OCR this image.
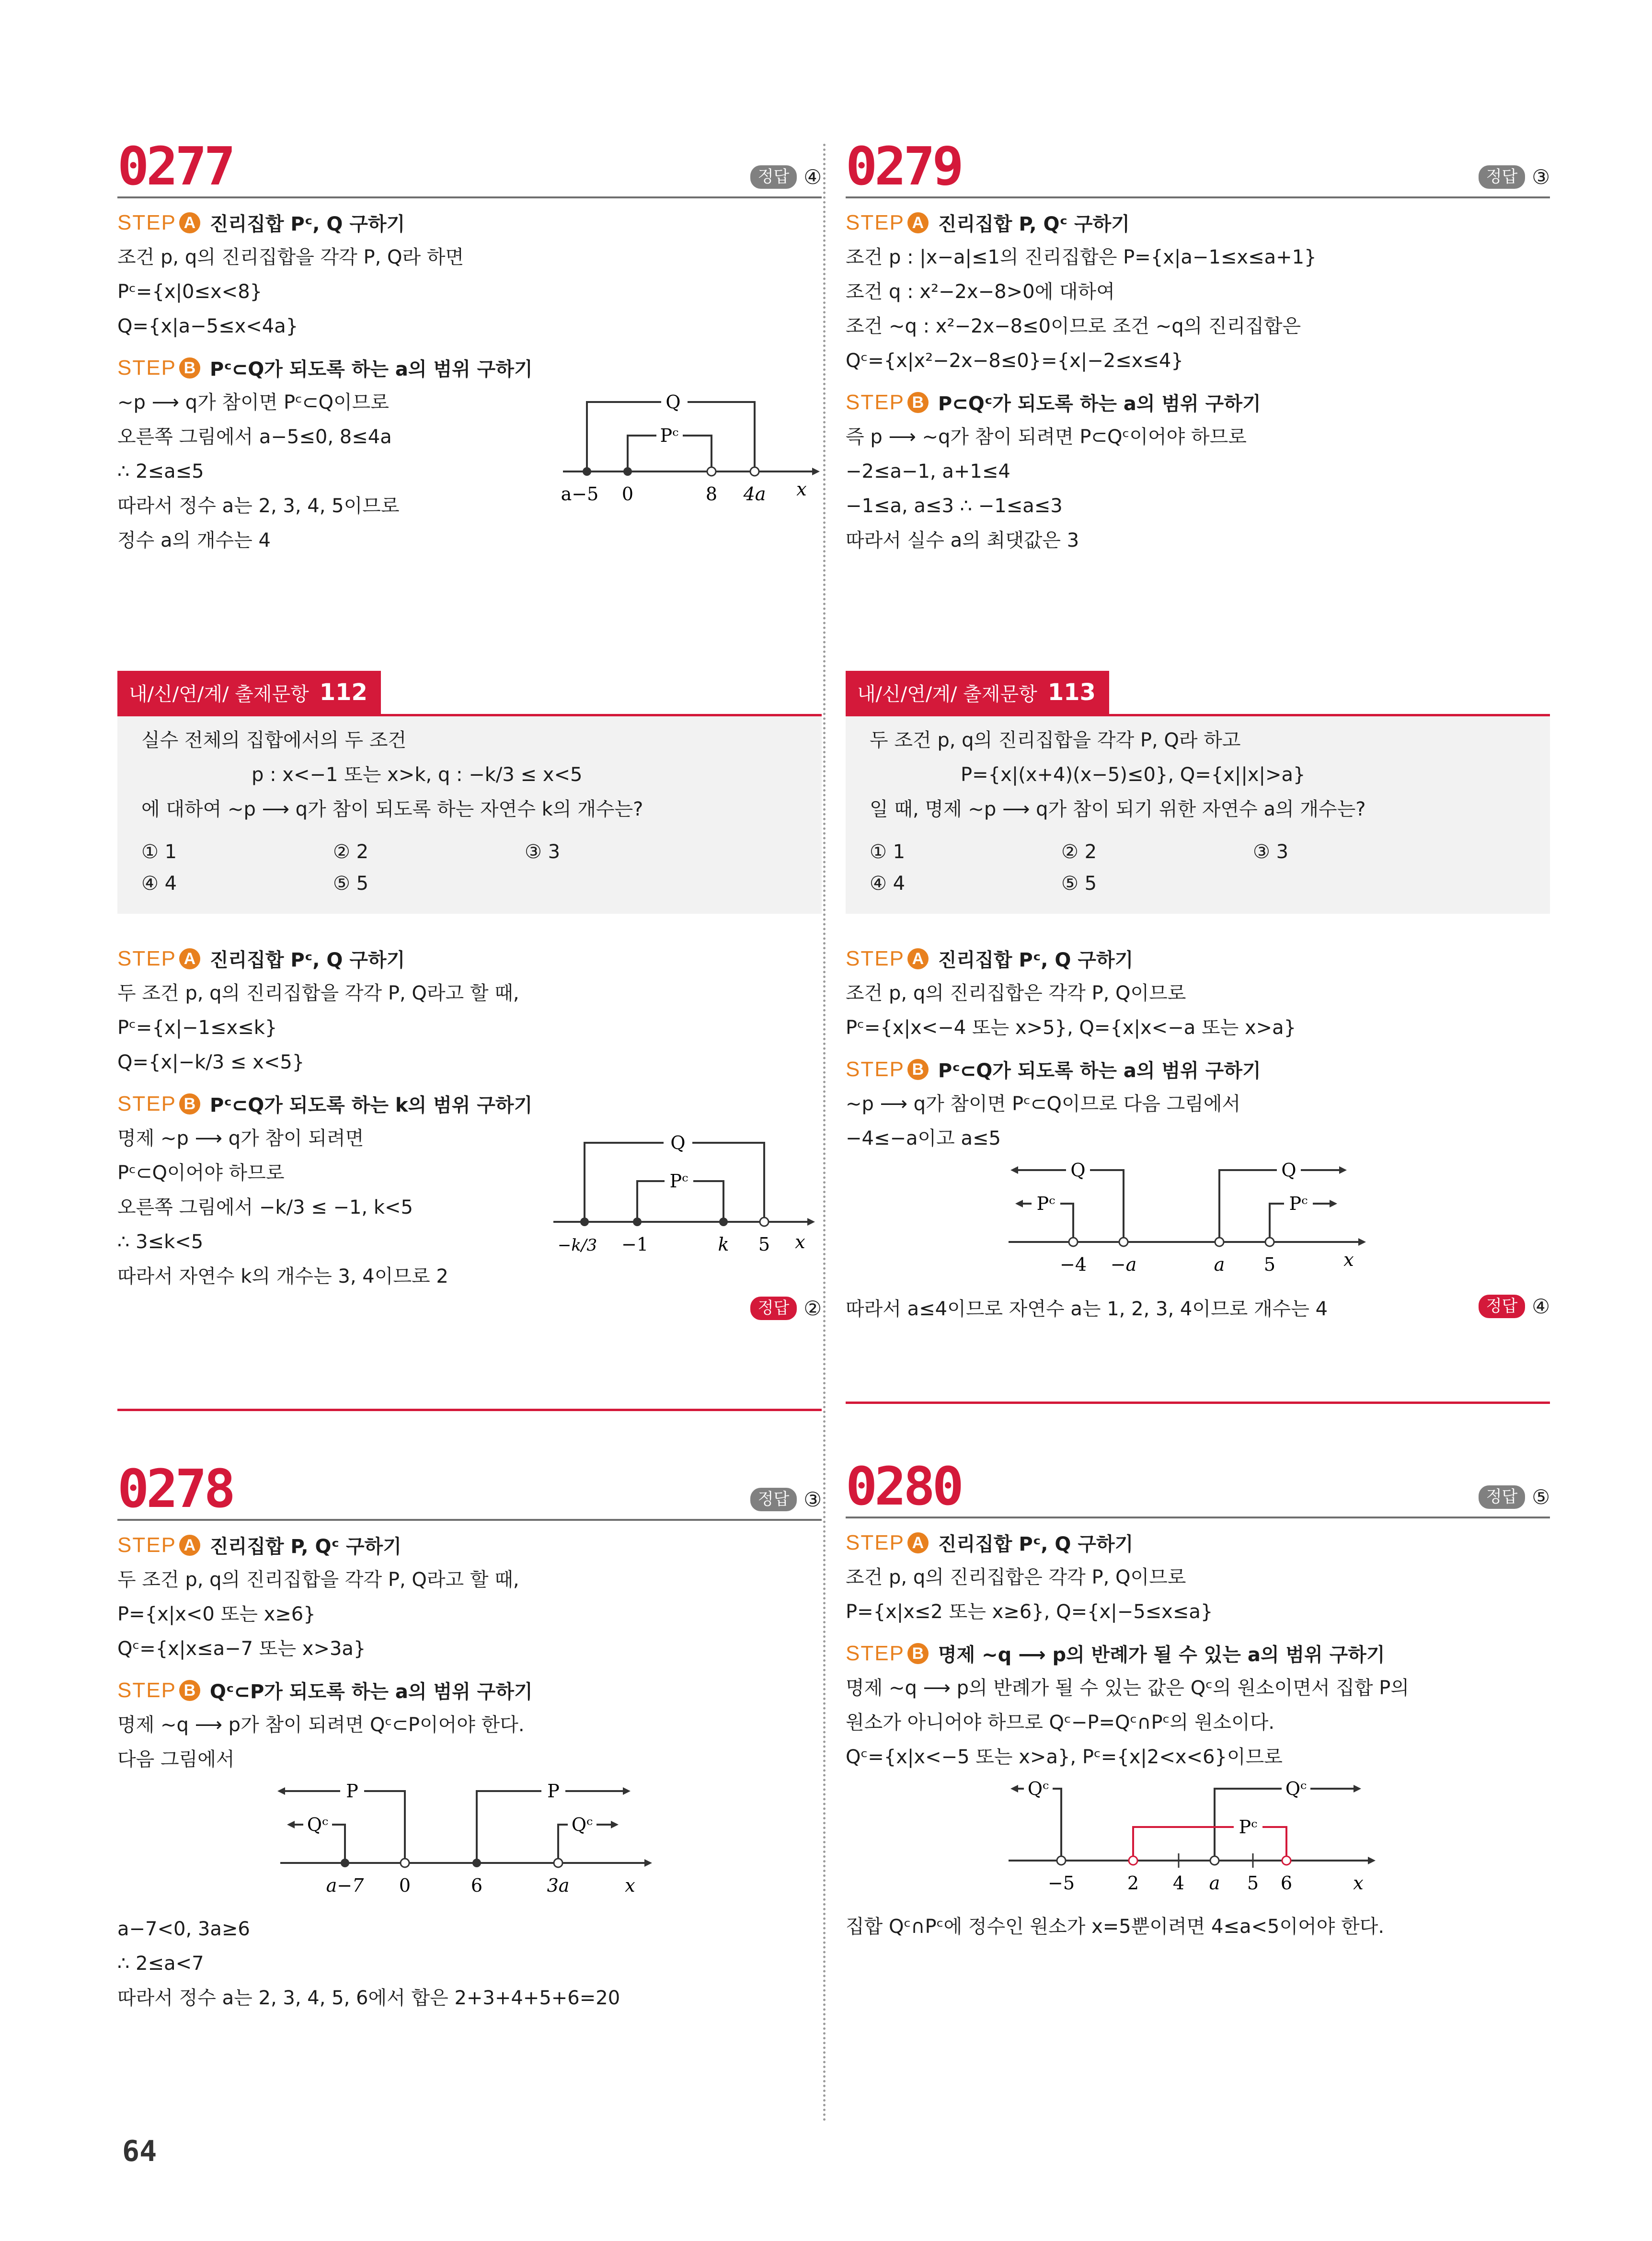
0277	정답 ④
STEP A 진리집합 Pᶜ, Q 구하기
조건 p, q의 진리집합을 각각 P, Q라 하면
Pᶜ={x|0≤x<8}
Q={x|a−5≤x<4a}
STEP B Pᶜ⊂Q가 되도록 하는 a의 범위 구하기
~p ⟶ q가 참이면 Pᶜ⊂Q이므로
오른쪽 그림에서 a−5≤0, 8≤4a
∴ 2≤a≤5
따라서 정수 a는 2, 3, 4, 5이므로
정수 a의 개수는 4
Q
Pᶜ
a−5 0	8 4a x
내/신/연/계/ 출제문항 112
실수 전체의 집합에서의 두 조건
p : x<−1 또는 x>k, q : −k/3 ≤ x<5
에 대하여 ~p ⟶ q가 참이 되도록 하는 자연수 k의 개수는?
① 1	② 2	③ 3
④ 4	⑤ 5
STEP A 진리집합 Pᶜ, Q 구하기
두 조건 p, q의 진리집합을 각각 P, Q라고 할 때,
Pᶜ={x|−1≤x≤k}
Q={x|−k/3 ≤ x<5}
STEP B Pᶜ⊂Q가 되도록 하는 k의 범위 구하기
명제 ~p ⟶ q가 참이 되려면
Pᶜ⊂Q이어야 하므로
오른쪽 그림에서 −k/3 ≤ −1, k<5
∴ 3≤k<5
따라서 자연수 k의 개수는 3, 4이므로 2
Q
Pᶜ
−k/3 −1	k 5 x
정답 ②
0278	정답 ③
STEP A 진리집합 P, Qᶜ 구하기
두 조건 p, q의 진리집합을 각각 P, Q라고 할 때,
P={x|x<0 또는 x≥6}
Qᶜ={x|x≤a−7 또는 x>3a}
STEP B Qᶜ⊂P가 되도록 하는 a의 범위 구하기
명제 ~q ⟶ p가 참이 되려면 Qᶜ⊂P이어야 한다.
다음 그림에서
P	P
Qᶜ	Qᶜ
a−7 0	6	3a	x
a−7<0, 3a≥6
∴ 2≤a<7
따라서 정수 a는 2, 3, 4, 5, 6에서 합은 2+3+4+5+6=20
0279	정답 ③
STEP A 진리집합 P, Qᶜ 구하기
조건 p : |x−a|≤1의 진리집합은 P={x|a−1≤x≤a+1}
조건 q : x²−2x−8>0에 대하여
조건 ~q : x²−2x−8≤0이므로 조건 ~q의 진리집합은
Qᶜ={x|x²−2x−8≤0}={x|−2≤x≤4}
STEP B P⊂Qᶜ가 되도록 하는 a의 범위 구하기
즉 p ⟶ ~q가 참이 되려면 P⊂Qᶜ이어야 하므로
−2≤a−1, a+1≤4
−1≤a, a≤3 ∴ −1≤a≤3
따라서 실수 a의 최댓값은 3
내/신/연/계/ 출제문항 113
두 조건 p, q의 진리집합을 각각 P, Q라 하고
P={x|(x+4)(x−5)≤0}, Q={x||x|>a}
일 때, 명제 ~p ⟶ q가 참이 되기 위한 자연수 a의 개수는?
① 1	② 2	③ 3
④ 4	⑤ 5
STEP A 진리집합 Pᶜ, Q 구하기
조건 p, q의 진리집합은 각각 P, Q이므로
Pᶜ={x|x<−4 또는 x>5}, Q={x|x<−a 또는 x>a}
STEP B Pᶜ⊂Q가 되도록 하는 a의 범위 구하기
~p ⟶ q가 참이면 Pᶜ⊂Q이므로 다음 그림에서
−4≤−a이고 a≤5
Q	Q
Pᶜ	Pᶜ
−4 −a	a 5	x
따라서 a≤4이므로 자연수 a는 1, 2, 3, 4이므로 개수는 4	정답 ④
0280	정답 ⑤
STEP A 진리집합 Pᶜ, Q 구하기
조건 p, q의 진리집합은 각각 P, Q이므로
P={x|x≤2 또는 x≥6}, Q={x|−5≤x≤a}
STEP B 명제 ~q ⟶ p의 반례가 될 수 있는 a의 범위 구하기
명제 ~q ⟶ p의 반례가 될 수 있는 값은 Qᶜ의 원소이면서 집합 P의
원소가 아니어야 하므로 Qᶜ−P=Qᶜ∩Pᶜ의 원소이다.
Qᶜ={x|x<−5 또는 x>a}, Pᶜ={x|2<x<6}이므로
Qᶜ	Qᶜ
Pᶜ
−5	2 4 a 5 6	x
집합 Qᶜ∩Pᶜ에 정수인 원소가 x=5뿐이려면 4≤a<5이어야 한다.
64
